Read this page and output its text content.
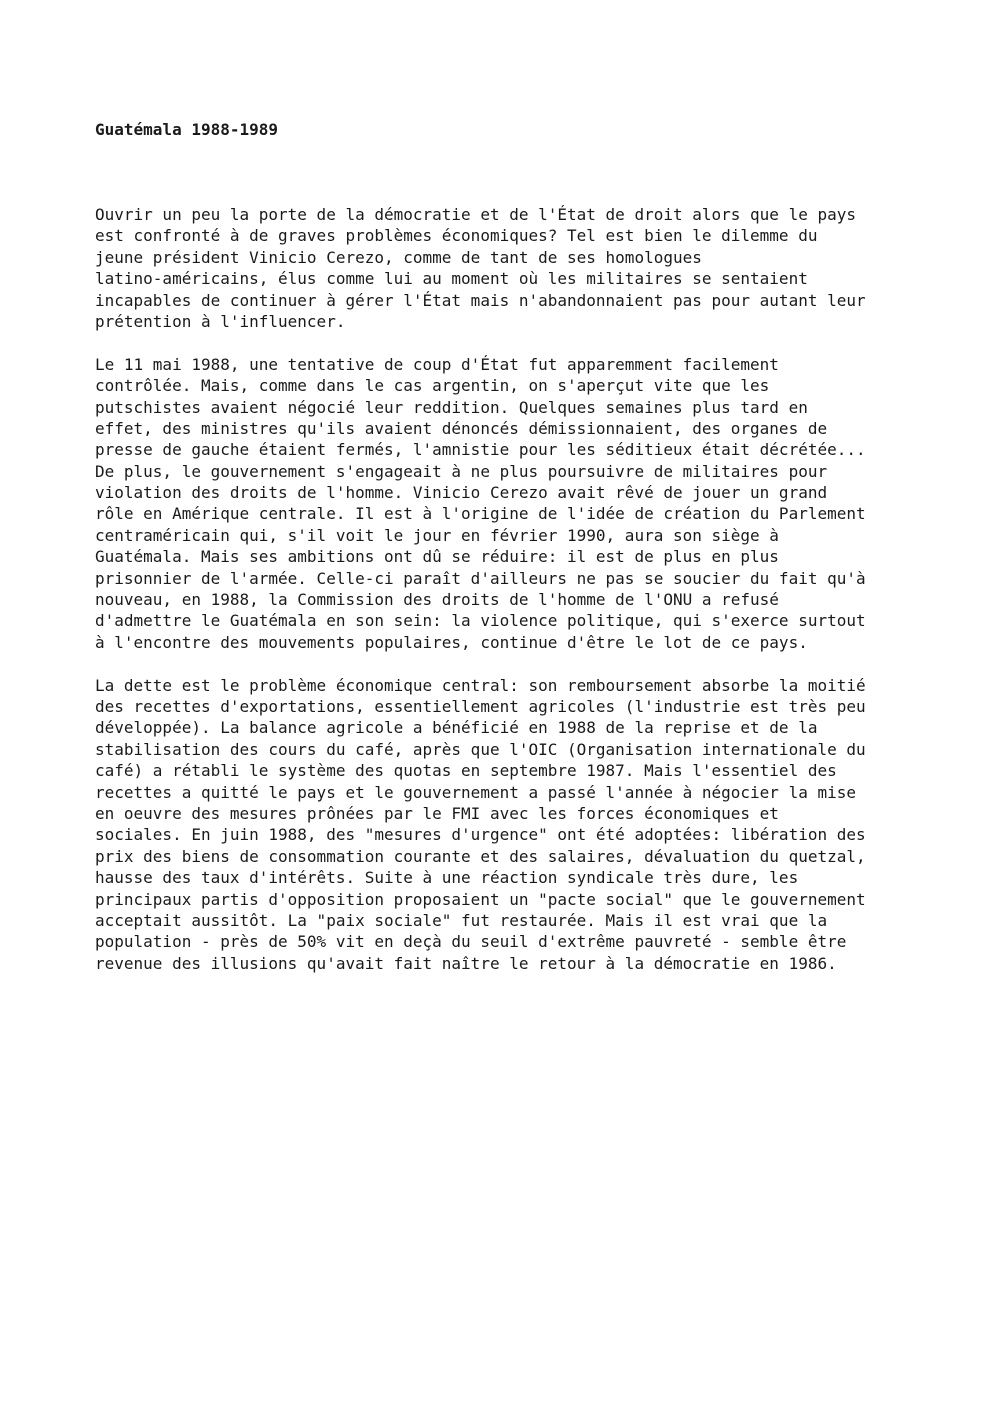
Guatémala 1988-1989

Ouvrir un peu la porte de la démocratie et de l'État de droit alors que le pays
est confronté à de graves problèmes économiques? Tel est bien le dilemme du
jeune président Vinicio Cerezo, comme de tant de ses homologues
latino-américains, élus comme lui au moment où les militaires se sentaient
incapables de continuer à gérer l'État mais n'abandonnaient pas pour autant leur
prétention à l'influencer.

Le 11 mai 1988, une tentative de coup d'État fut apparemment facilement
contrôlée. Mais, comme dans le cas argentin, on s'aperçut vite que les
putschistes avaient négocié leur reddition. Quelques semaines plus tard en
effet, des ministres qu'ils avaient dénoncés démissionnaient, des organes de
presse de gauche étaient fermés, l'amnistie pour les séditieux était décrétée...
De plus, le gouvernement s'engageait à ne plus poursuivre de militaires pour
violation des droits de l'homme. Vinicio Cerezo avait rêvé de jouer un grand
rôle en Amérique centrale. Il est à l'origine de l'idée de création du Parlement
centraméricain qui, s'il voit le jour en février 1990, aura son siège à
Guatémala. Mais ses ambitions ont dû se réduire: il est de plus en plus
prisonnier de l'armée. Celle-ci paraît d'ailleurs ne pas se soucier du fait qu'à
nouveau, en 1988, la Commission des droits de l'homme de l'ONU a refusé
d'admettre le Guatémala en son sein: la violence politique, qui s'exerce surtout
à l'encontre des mouvements populaires, continue d'être le lot de ce pays.

La dette est le problème économique central: son remboursement absorbe la moitié
des recettes d'exportations, essentiellement agricoles (l'industrie est très peu
développée). La balance agricole a bénéficié en 1988 de la reprise et de la
stabilisation des cours du café, après que l'OIC (Organisation internationale du
café) a rétabli le système des quotas en septembre 1987. Mais l'essentiel des
recettes a quitté le pays et le gouvernement a passé l'année à négocier la mise
en oeuvre des mesures prônées par le FMI avec les forces économiques et
sociales. En juin 1988, des "mesures d'urgence" ont été adoptées: libération des
prix des biens de consommation courante et des salaires, dévaluation du quetzal,
hausse des taux d'intérêts. Suite à une réaction syndicale très dure, les
principaux partis d'opposition proposaient un "pacte social" que le gouvernement
acceptait aussitôt. La "paix sociale" fut restaurée. Mais il est vrai que la
population - près de 50% vit en deçà du seuil d'extrême pauvreté - semble être
revenue des illusions qu'avait fait naître le retour à la démocratie en 1986.
